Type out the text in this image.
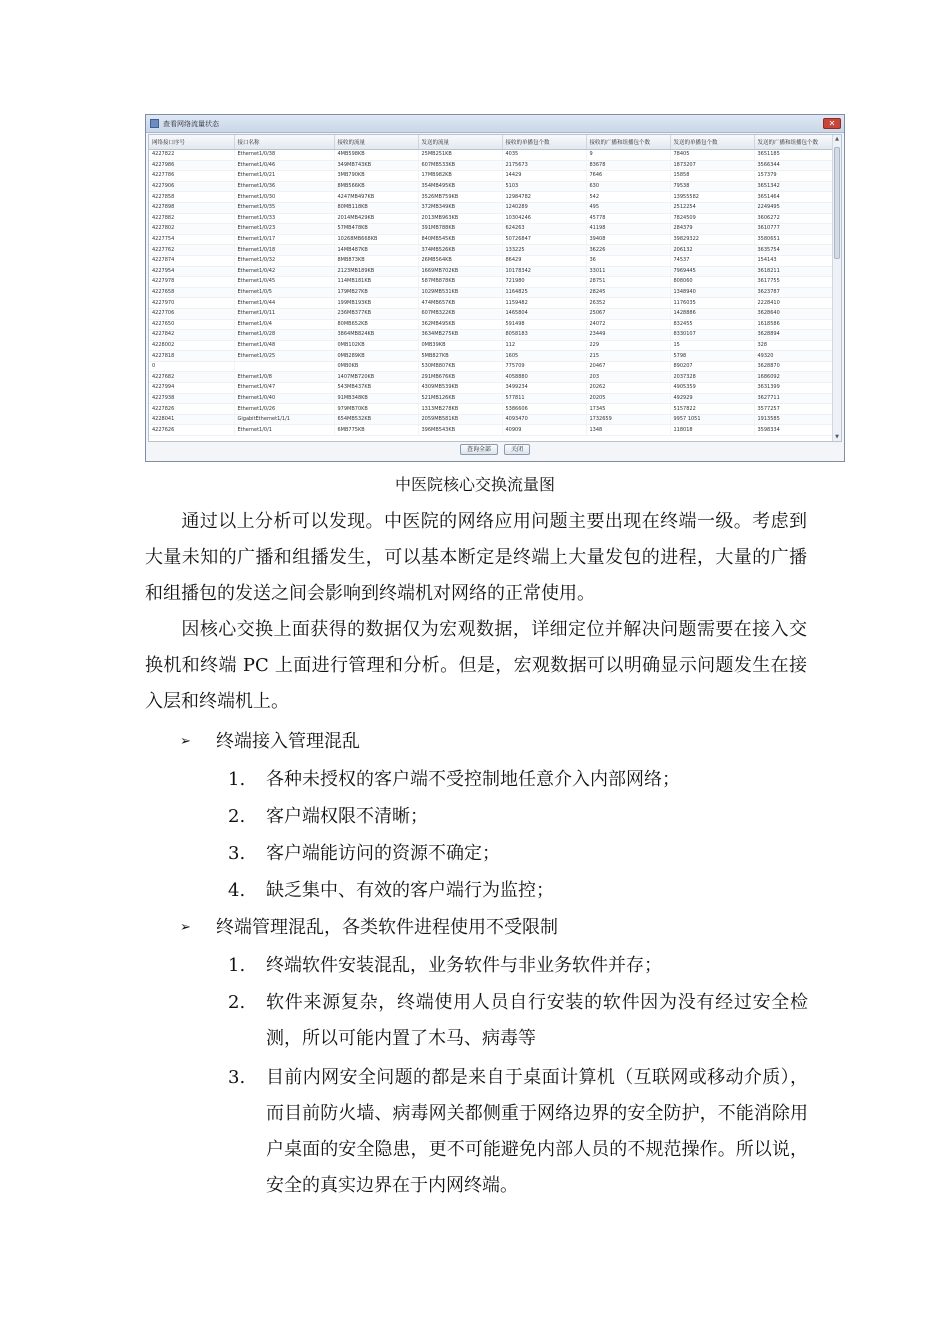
查看网络流量状态	✕
网络接口序号	接口名称	接收的流量	发送的流量	接收的单播包个数	接收的广播和组播包个数	发送的单播包个数	发送的广播和组播包个数
4227822	Ethernet1/0/38	4MB598KB	25MB251KB	4035	9	78405	3651185
4227986	Ethernet1/0/46	349MB743KB	607MB533KB	2175673	83678	1873207	3566344
4227786	Ethernet1/0/21	3MB790KB	17MB982KB	14429	7646	15858	157379
4227906	Ethernet1/0/36	8MB566KB	354MB495KB	5103	630	79538	3651342
4227858	Ethernet1/0/30	4247MB497KB	3526MB759KB	12984782	542	13955582	3651464
4227898	Ethernet1/0/35	80MB118KB	372MB349KB	1240289	495	2512254	2249495
4227882	Ethernet1/0/33	2014MB429KB	2013MB963KB	10304246	45778	7824509	3606272
4227802	Ethernet1/0/23	57MB478KB	391MB788KB	624263	41198	284379	3610777
4227754	Ethernet1/0/17	10268MB668KB	840MB545KB	50726847	39408	39829322	3580651
4227762	Ethernet1/0/18	14MB487KB	374MB526KB	133225	36226	206132	3635754
4227874	Ethernet1/0/32	8MB873KB	26MB564KB	86429	36	74537	154143
4227954	Ethernet1/0/42	2123MB189KB	1669MB702KB	10178342	33011	7969445	3618211
4227978	Ethernet1/0/45	114MB181KB	587MB878KB	721980	28751	808060	3617755
4227658	Ethernet1/0/5	179MB27KB	1029MB531KB	1164825	28245	1348940	3623787
4227970	Ethernet1/0/44	199MB193KB	474MB657KB	1159482	26352	1176035	2228410
4227706	Ethernet1/0/11	236MB377KB	607MB322KB	1465804	25067	1428886	3628640
4227650	Ethernet1/0/4	80MB652KB	362MB495KB	591498	24072	832455	1618586
4227842	Ethernet1/0/28	3864MB824KB	3634MB275KB	8058183	23449	8330107	3628894
4228002	Ethernet1/0/48	0MB102KB	0MB39KB	112	229	15	328
4227818	Ethernet1/0/25	0MB289KB	5MB827KB	1605	215	5798	49320
0		0MB0KB	530MB807KB	775709	20467	890207	3628870
4227682	Ethernet1/0/8	1407MB720KB	291MB676KB	4058880	203	2037328	1686092
4227994	Ethernet1/0/47	543MB437KB	4309MB539KB	3499234	20262	4905359	3631399
4227938	Ethernet1/0/40	91MB348KB	521MB126KB	577811	20205	492929	3627711
4227826	Ethernet1/0/26	979MB70KB	1313MB278KB	5386606	17345	5157822	3577257
4228041	GigabitEthernet1/1/1	654MB532KB	2059MB581KB	4093470	1732659	9957 1051	1913585
4227626	Ethernet1/0/1	6MB775KB	396MB543KB	40909	1348	118018	3598334
▲
▼
查询全部	关闭
中医院核心交换流量图

通过以上分析可以发现。中医院的网络应用问题主要出现在终端一级。考虑到大量未知的广播和组播发生，可以基本断定是终端上大量发包的进程，大量的广播和组播包的发送之间会影响到终端机对网络的正常使用。

因核心交换上面获得的数据仅为宏观数据，详细定位并解决问题需要在接入交换机和终端 PC 上面进行管理和分析。但是，宏观数据可以明确显示问题发生在接入层和终端机上。

➢	终端接入管理混乱
1.	各种未授权的客户端不受控制地任意介入内部网络；
2.	客户端权限不清晰；
3.	客户端能访问的资源不确定；
4.	缺乏集中、有效的客户端行为监控；
➢	终端管理混乱，各类软件进程使用不受限制
1.	终端软件安装混乱，业务软件与非业务软件并存；
2.	软件来源复杂，终端使用人员自行安装的软件因为没有经过安全检测，所以可能内置了木马、病毒等
3.	目前内网安全问题的都是来自于桌面计算机（互联网或移动介质），而目前防火墙、病毒网关都侧重于网络边界的安全防护，不能消除用户桌面的安全隐患，更不可能避免内部人员的不规范操作。所以说，安全的真实边界在于内网终端。
